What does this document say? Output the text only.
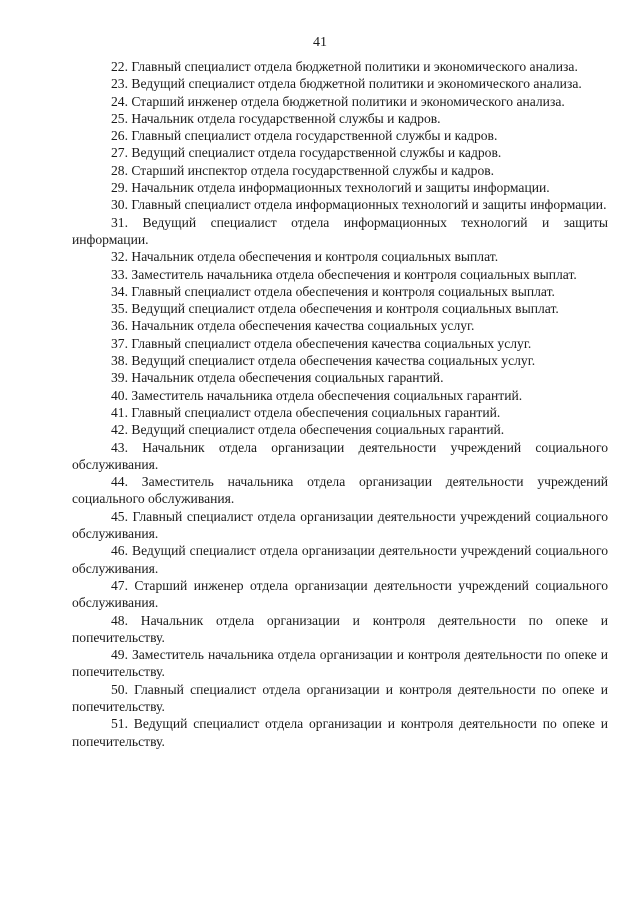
41
22. Главный специалист отдела бюджетной политики и экономического анализа.
23. Ведущий специалист отдела бюджетной политики и экономического анализа.
24. Старший инженер отдела бюджетной политики и экономического анализа.
25. Начальник отдела государственной службы и кадров.
26. Главный специалист отдела государственной службы и кадров.
27. Ведущий специалист отдела государственной службы и кадров.
28. Старший инспектор отдела государственной службы и кадров.
29. Начальник отдела информационных технологий и защиты информации.
30. Главный специалист отдела информационных технологий и защиты информации.
31. Ведущий специалист отдела информационных технологий и защиты информации.
32. Начальник отдела обеспечения и контроля социальных выплат.
33. Заместитель начальника отдела обеспечения и контроля социальных выплат.
34. Главный специалист отдела обеспечения и контроля социальных выплат.
35. Ведущий специалист отдела обеспечения и контроля социальных выплат.
36. Начальник отдела обеспечения качества социальных услуг.
37. Главный специалист отдела обеспечения качества социальных услуг.
38. Ведущий специалист отдела обеспечения качества социальных услуг.
39. Начальник отдела обеспечения социальных гарантий.
40. Заместитель начальника отдела обеспечения социальных гарантий.
41. Главный специалист отдела обеспечения социальных гарантий.
42. Ведущий специалист отдела обеспечения социальных гарантий.
43. Начальник отдела организации деятельности учреждений социального обслуживания.
44. Заместитель начальника отдела организации деятельности учреждений социального обслуживания.
45. Главный специалист отдела организации деятельности учреждений социального обслуживания.
46. Ведущий специалист отдела организации деятельности учреждений социального обслуживания.
47. Старший инженер отдела организации деятельности учреждений социального обслуживания.
48. Начальник отдела организации и контроля деятельности по опеке и попечительству.
49. Заместитель начальника отдела организации и контроля деятельности по опеке и попечительству.
50. Главный специалист отдела организации и контроля деятельности по опеке и попечительству.
51. Ведущий специалист отдела организации и контроля деятельности по опеке и попечительству.
